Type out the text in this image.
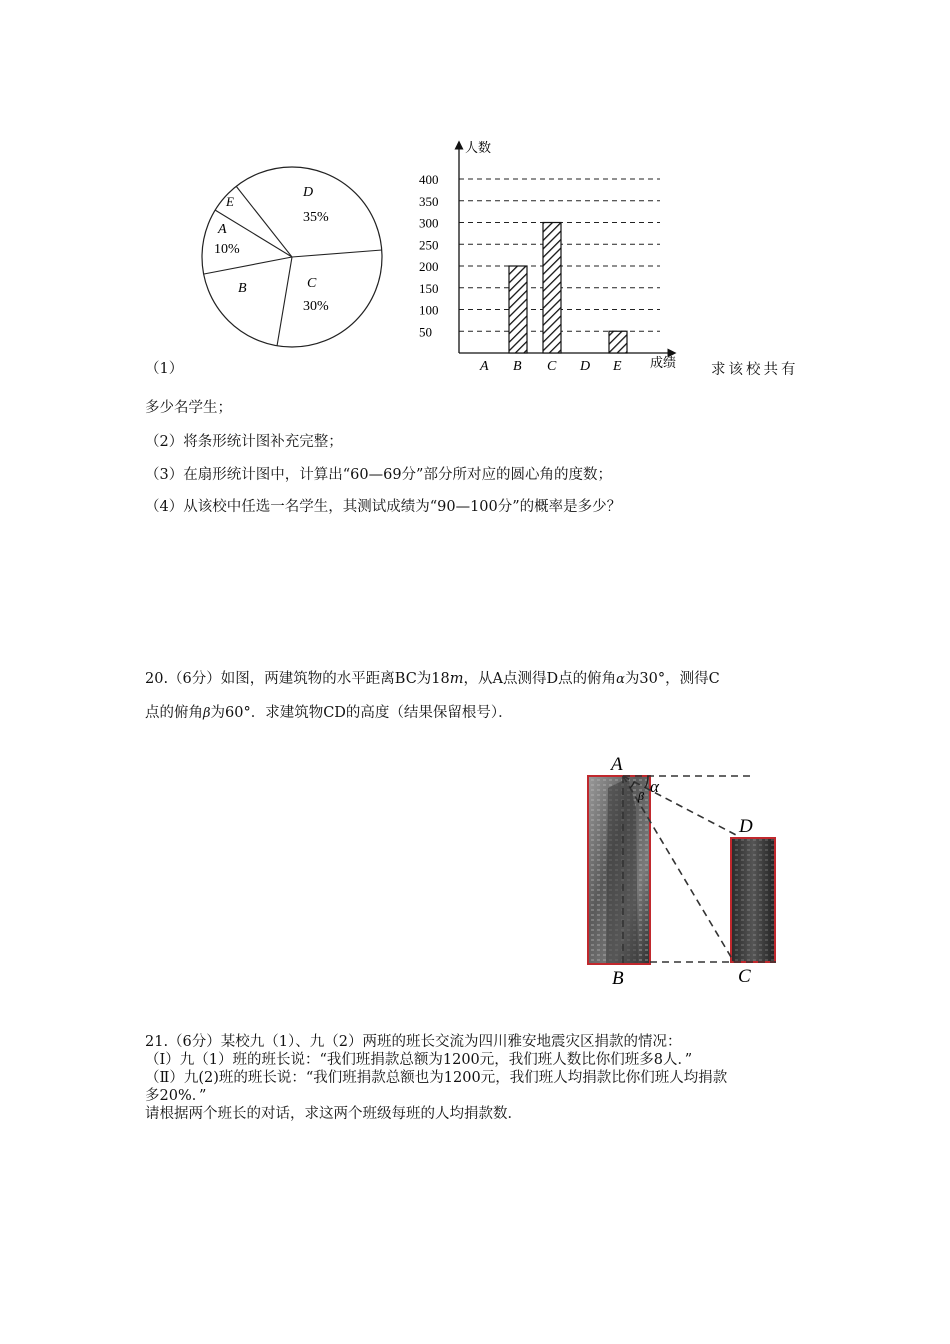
D
35%
E
A
10%
B	C
30%
人数
成绩
400
350
300
250
200
150
100
50
A B C D E
（1）	求该校共有
多少名学生；
（2）将条形统计图补充完整；
（3）在扇形统计图中，计算出“60—69分”部分所对应的圆心角的度数；
（4）从该校中任选一名学生，其测试成绩为“90—100分”的概率是多少？
20.（6分）如图，两建筑物的水平距离BC为18m，从A点测得D点的俯角α为30°，测得C
点的俯角β为60°．求建筑物CD的高度（结果保留根号）．
A
α
β
D
B	C
21.（6分）某校九（1）、九（2）两班的班长交流为四川雅安地震灾区捐款的情况：
（Ⅰ）九（1）班的班长说：“我们班捐款总额为1200元，我们班人数比你们班多8人．”
（Ⅱ）九(2)班的班长说：“我们班捐款总额也为1200元，我们班人均捐款比你们班人均捐款
多20%．”
请根据两个班长的对话，求这两个班级每班的人均捐款数．
